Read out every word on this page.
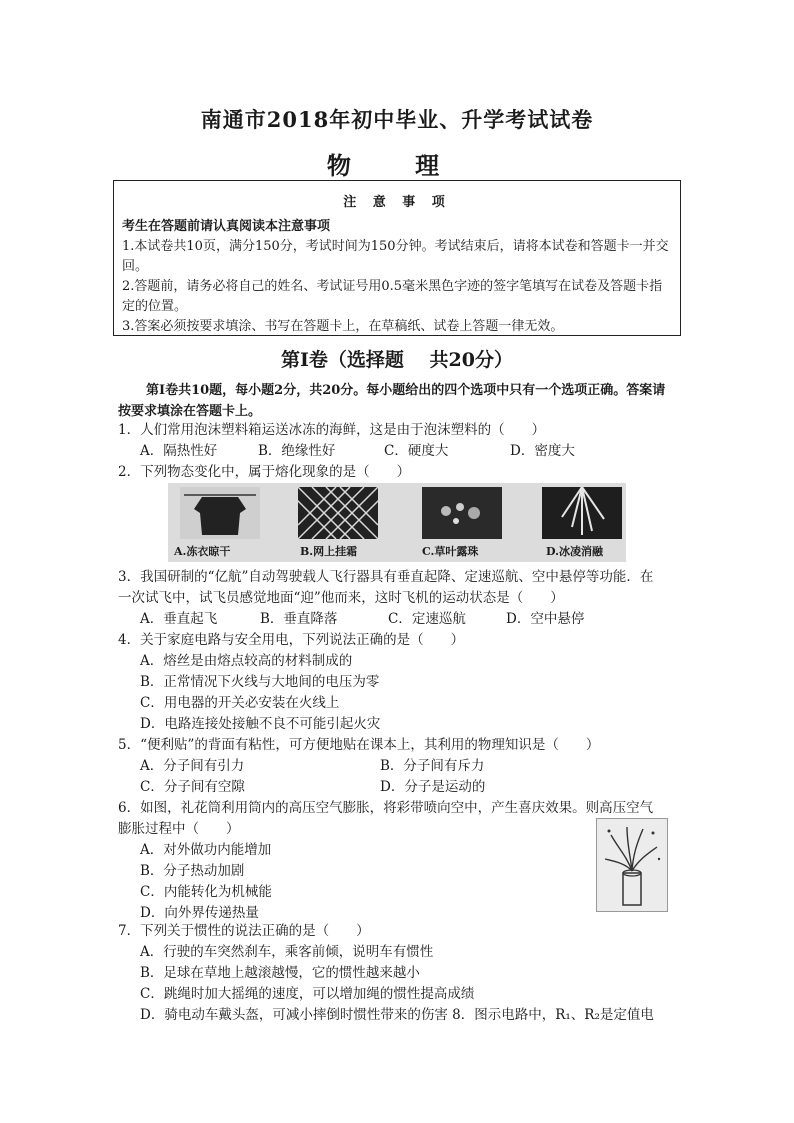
南通市2018年初中毕业、升学考试试卷
物 理
注 意 事 项

考生在答题前请认真阅读本注意事项

1.本试卷共10页，满分150分，考试时间为150分钟。考试结束后，请将本试卷和答题卡一并交回。

2.答题前，请务必将自己的姓名、考试证号用0.5毫米黑色字迹的签字笔填写在试卷及答题卡指定的位置。

3.答案必须按要求填涂、书写在答题卡上，在草稿纸、试卷上答题一律无效。

第Ⅰ卷（选择题　 共20分）

第Ⅰ卷共10题，每小题2分，共20分。每小题给出的四个选项中只有一个选项正确。答案请按要求填涂在答题卡上。

1．人们常用泡沫塑料箱运送冰冻的海鲜，这是由于泡沫塑料的（　　）
A．隔热性好	B．绝缘性好	C．硬度大	D．密度大
2．下列物态变化中，属于熔化现象的是（　　）
A.冻衣晾干	B.网上挂霜	C.草叶露珠	D.冰凌消融
3．我国研制的“亿航”自动驾驶载人飞行器具有垂直起降、定速巡航、空中悬停等功能．在
一次试飞中，试飞员感觉地面“迎”他而来，这时飞机的运动状态是（　　）
A．垂直起飞	B．垂直降落	C．定速巡航	D．空中悬停
4．关于家庭电路与安全用电，下列说法正确的是（　　）
A．熔丝是由熔点较高的材料制成的
B．正常情况下火线与大地间的电压为零
C．用电器的开关必安装在火线上
D．电路连接处接触不良不可能引起火灾
5．“便利贴”的背面有粘性，可方便地贴在课本上，其利用的物理知识是（　　）
A．分子间有引力	B．分子间有斥力
C．分子间有空隙	D．分子是运动的
6．如图，礼花筒利用筒内的高压空气膨胀，将彩带喷向空中，产生喜庆效果。则高压空气
膨胀过程中（　　）
A．对外做功内能增加
B．分子热动加剧
C．内能转化为机械能
D．向外界传递热量
7．下列关于惯性的说法正确的是（　　）
A．行驶的车突然刹车，乘客前倾，说明车有惯性
B．足球在草地上越滚越慢，它的惯性越来越小
C．跳绳时加大摇绳的速度，可以增加绳的惯性提高成绩
D．骑电动车戴头盔，可减小摔倒时惯性带来的伤害 8．图示电路中，R₁、R₂是定值电
